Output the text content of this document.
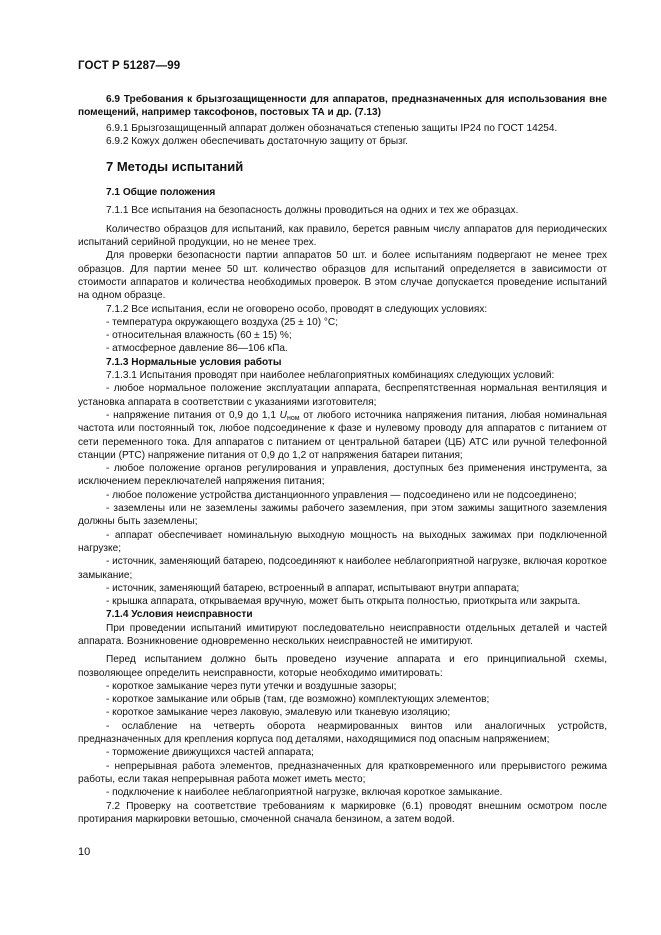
ГОСТ Р 51287—99

6.9 Требования к брызгозащищенности для аппаратов, предназначенных для использования вне помещений, например таксофонов, постовых ТА и др. (7.13)

6.9.1 Брызгозащищенный аппарат должен обозначаться степенью защиты IP24 по ГОСТ 14254.

6.9.2 Кожух должен обеспечивать достаточную защиту от брызг.

7 Методы испытаний

7.1 Общие положения

7.1.1 Все испытания на безопасность должны проводиться на одних и тех же образцах.

Количество образцов для испытаний, как правило, берется равным числу аппаратов для периодических испытаний серийной продукции, но не менее трех.

Для проверки безопасности партии аппаратов 50 шт. и более испытаниям подвергают не менее трех образцов. Для партии менее 50 шт. количество образцов для испытаний определяется в зависимости от стоимости аппаратов и количества необходимых проверок. В этом случае допускается проведение испытаний на одном образце.

7.1.2 Все испытания, если не оговорено особо, проводят в следующих условиях:

- температура окружающего воздуха (25 ± 10) °С;

- относительная влажность (60 ± 15) %;

- атмосферное давление 86—106 кПа.

7.1.3 Нормальные условия работы

7.1.3.1 Испытания проводят при наиболее неблагоприятных комбинациях следующих условий:

- любое нормальное положение эксплуатации аппарата, беспрепятственная нормальная вентиляция и установка аппарата в соответствии с указаниями изготовителя;

- напряжение питания от 0,9 до 1,1 $U_{ном}$ от любого источника напряжения питания, любая номинальная частота или постоянный ток, любое подсоединение к фазе и нулевому проводу для аппаратов с питанием от сети переменного тока. Для аппаратов с питанием от центральной батареи (ЦБ) АТС или ручной телефонной станции (РТС) напряжение питания от 0,9 до 1,2 от напряжения батареи питания;

- любое положение органов регулирования и управления, доступных без применения инструмента, за исключением переключателей напряжения питания;

- любое положение устройства дистанционного управления — подсоединено или не подсоединено;

- заземлены или не заземлены зажимы рабочего заземления, при этом зажимы защитного заземления должны быть заземлены;

- аппарат обеспечивает номинальную выходную мощность на выходных зажимах при подключенной нагрузке;

- источник, заменяющий батарею, подсоединяют к наиболее неблагоприятной нагрузке, включая короткое замыкание;

- источник, заменяющий батарею, встроенный в аппарат, испытывают внутри аппарата;

- крышка аппарата, открываемая вручную, может быть открыта полностью, приоткрыта или закрыта.

7.1.4 Условия неисправности

При проведении испытаний имитируют последовательно неисправности отдельных деталей и частей аппарата. Возникновение одновременно нескольких неисправностей не имитируют.

Перед испытанием должно быть проведено изучение аппарата и его принципиальной схемы, позволяющее определить неисправности, которые необходимо имитировать:

- короткое замыкание через пути утечки и воздушные зазоры;

- короткое замыкание или обрыв (там, где возможно) комплектующих элементов;

- короткое замыкание через лаковую, эмалевую или тканевую изоляцию;

- ослабление на четверть оборота неармированных винтов или аналогичных устройств, предназначенных для крепления корпуса под деталями, находящимися под опасным напряжением;

- торможение движущихся частей аппарата;

- непрерывная работа элементов, предназначенных для кратковременного или прерывистого режима работы, если такая непрерывная работа может иметь место;

- подключение к наиболее неблагоприятной нагрузке, включая короткое замыкание.

7.2 Проверку на соответствие требованиям к маркировке (6.1) проводят внешним осмотром после протирания маркировки ветошью, смоченной сначала бензином, а затем водой.

10
